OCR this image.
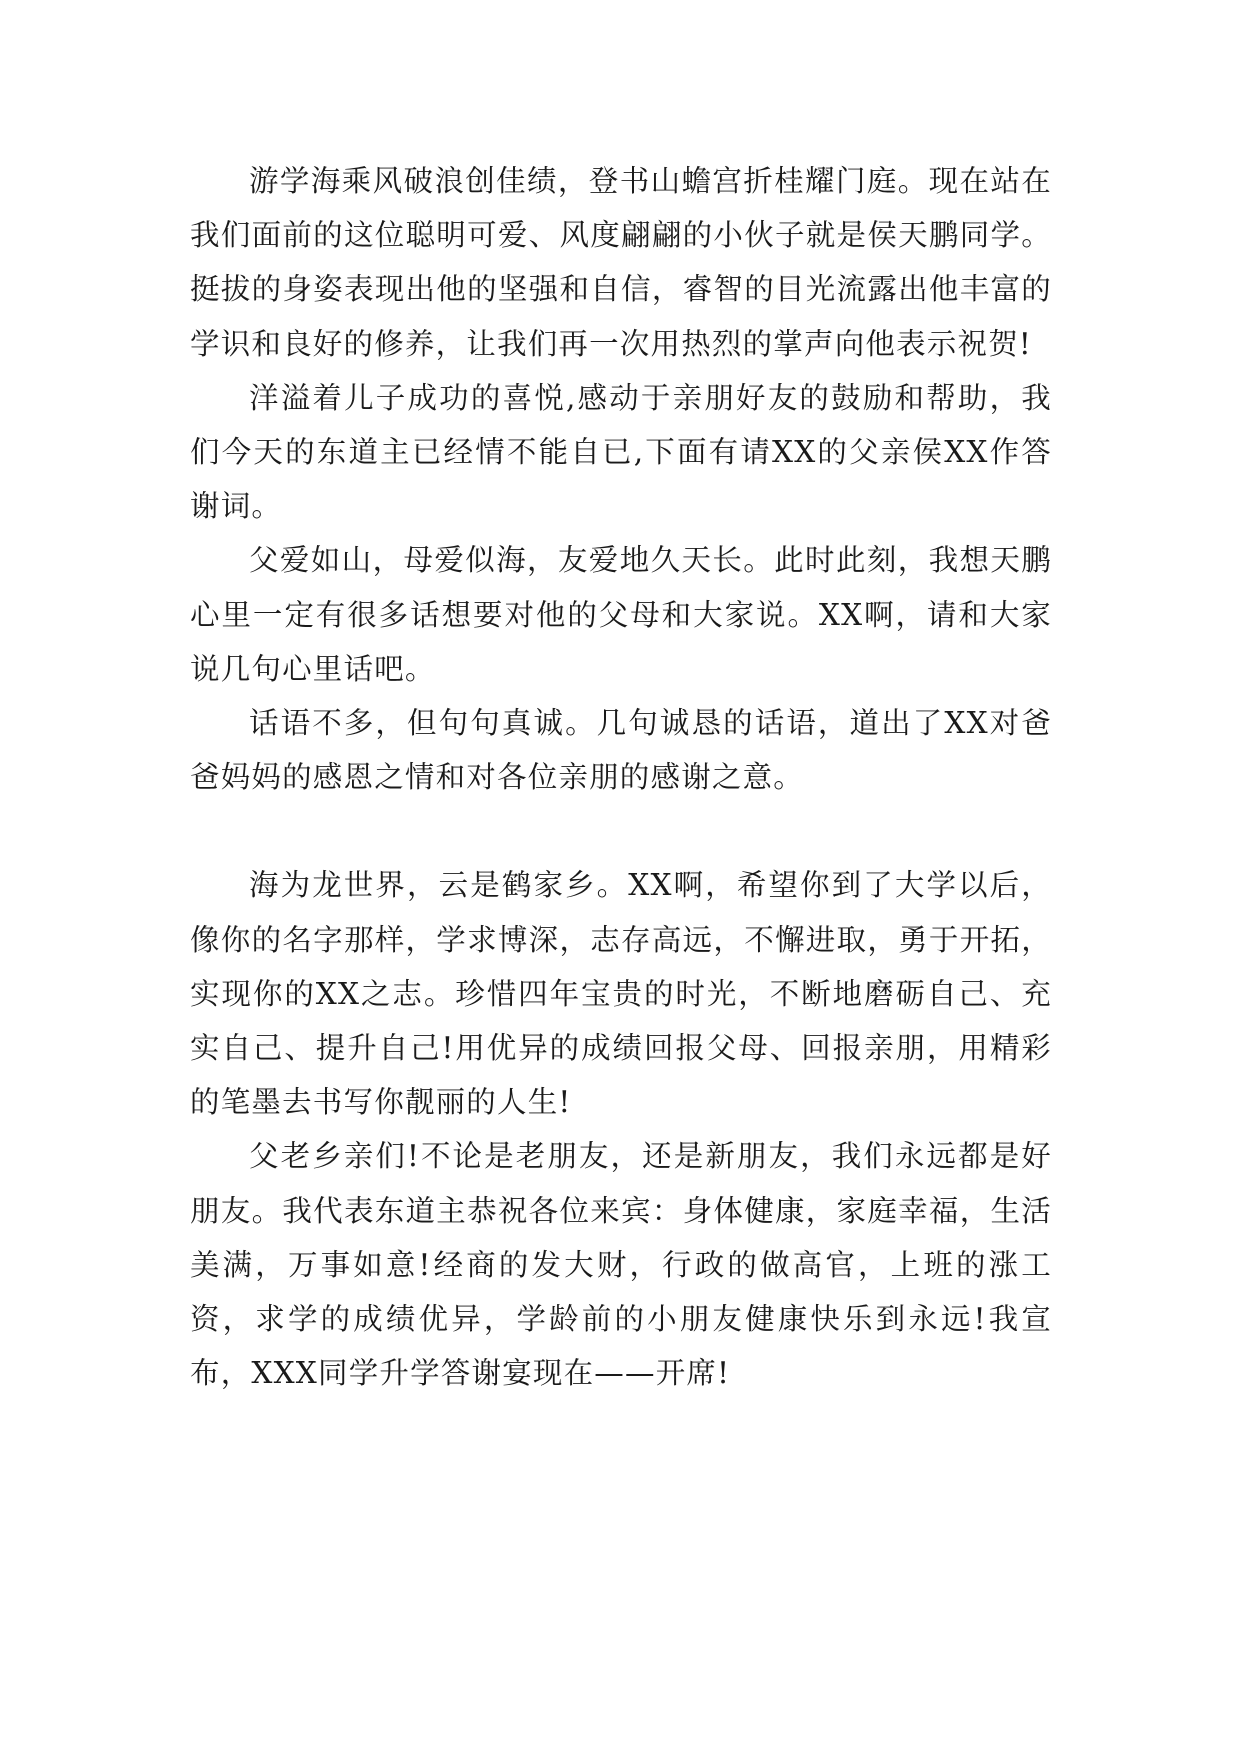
游学海乘风破浪创佳绩，登书山蟾宫折桂耀门庭。现在站在我们面前的这位聪明可爱、风度翩翩的小伙子就是侯天鹏同学。挺拔的身姿表现出他的坚强和自信，睿智的目光流露出他丰富的学识和良好的修养，让我们再一次用热烈的掌声向他表示祝贺!

洋溢着儿子成功的喜悦,感动于亲朋好友的鼓励和帮助，我们今天的东道主已经情不能自已,下面有请XX的父亲侯XX作答谢词。

父爱如山，母爱似海，友爱地久天长。此时此刻，我想天鹏心里一定有很多话想要对他的父母和大家说。XX啊，请和大家说几句心里话吧。

话语不多，但句句真诚。几句诚恳的话语，道出了XX对爸爸妈妈的感恩之情和对各位亲朋的感谢之意。

海为龙世界，云是鹤家乡。XX啊，希望你到了大学以后，像你的名字那样，学求博深，志存高远，不懈进取，勇于开拓，实现你的XX之志。珍惜四年宝贵的时光，不断地磨砺自己、充实自己、提升自己!用优异的成绩回报父母、回报亲朋，用精彩的笔墨去书写你靓丽的人生!

父老乡亲们!不论是老朋友，还是新朋友，我们永远都是好朋友。我代表东道主恭祝各位来宾：身体健康，家庭幸福，生活美满，万事如意!经商的发大财，行政的做高官，上班的涨工资，求学的成绩优异，学龄前的小朋友健康快乐到永远!我宣布，XXX同学升学答谢宴现在——开席!
